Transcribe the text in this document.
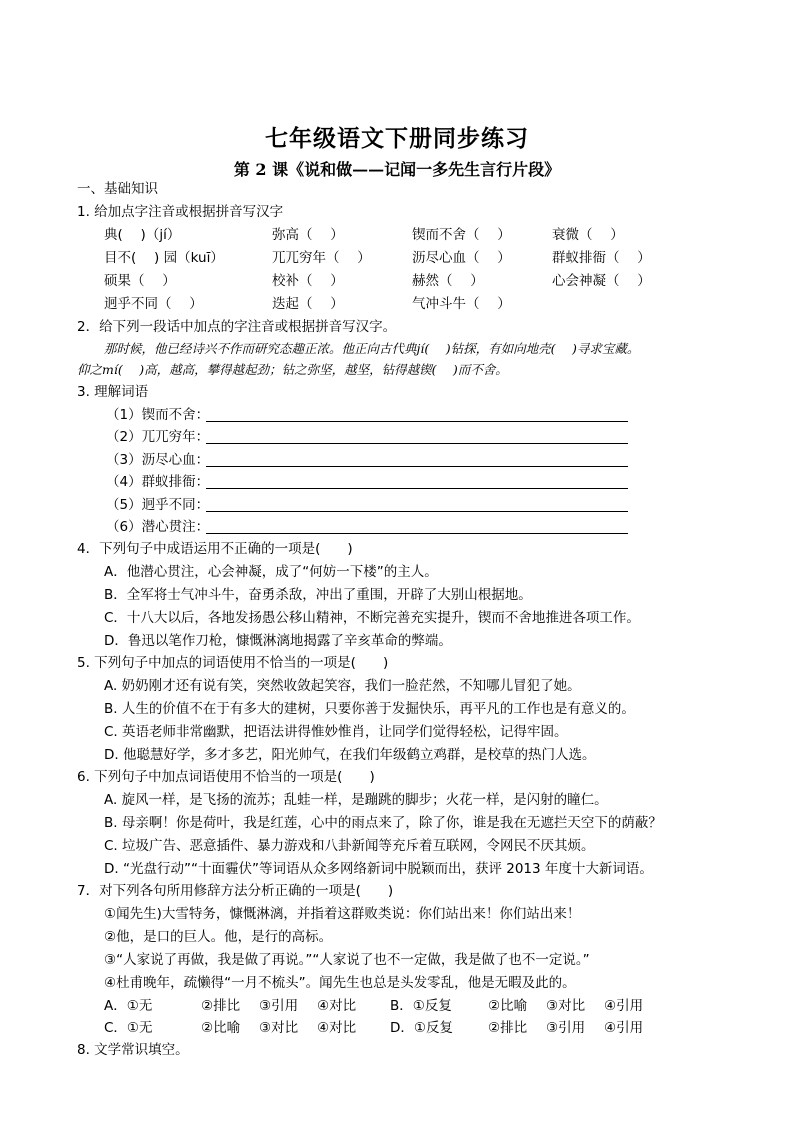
七年级语文下册同步练习
第 2 课《说和做——记闻一多先生言行片段》
一、基础知识
1. 给加点字注音或根据拼音写汉字
典(　 )（jí）	弥高（　 ）	锲而不舍（　 ）	衰微（　 ）
目不(　 ) 园（kuī）	兀兀穷年（　 ）	沥尽心血（　 ）	群蚁排衙（　 ）
硕果（　 ）	校补（　 ）	赫然（　 ）	心会神凝（　 ）
迥乎不同（　 ）	迭起（　 ）	气冲斗牛（　 ）
2．给下列一段话中加点的字注音或根据拼音写汉字。
那时候，他已经诗兴不作而研究态趣正浓。他正向古代典jí(　 )钻探，有如向地壳(　 )寻求宝藏。
仰之mí(　 )高，越高，攀得越起劲；钻之弥坚，越坚，钻得越锲(　 )而不舍。
3. 理解词语
（1）锲而不舍：
（2）兀兀穷年：
（3）沥尽心血：
（4）群蚁排衙：
（5）迥乎不同：
（6）潜心贯注：
4．下列句子中成语运用不正确的一项是(　　)
A．他潜心贯注，心会神凝，成了“何妨一下楼”的主人。
B．全军将士气冲斗牛，奋勇杀敌，冲出了重围，开辟了大别山根据地。
C．十八大以后，各地发扬愚公移山精神，不断完善充实提升，锲而不舍地推进各项工作。
D．鲁迅以笔作刀枪，慷慨淋漓地揭露了辛亥革命的弊端。
5. 下列句子中加点的词语使用不恰当的一项是(　　)
A. 奶奶刚才还有说有笑，突然收敛起笑容，我们一脸茫然，不知哪儿冒犯了她。
B. 人生的价值不在于有多大的建树，只要你善于发掘快乐，再平凡的工作也是有意义的。
C. 英语老师非常幽默，把语法讲得惟妙惟肖，让同学们觉得轻松，记得牢固。
D. 他聪慧好学，多才多艺，阳光帅气，在我们年级鹤立鸡群，是校草的热门人选。
6. 下列句子中加点词语使用不恰当的一项是(　　)
A. 旋风一样，是飞扬的流苏；乱蛙一样，是蹦跳的脚步；火花一样，是闪射的瞳仁。
B. 母亲啊！你是荷叶，我是红莲，心中的雨点来了，除了你，谁是我在无遮拦天空下的荫蔽？
C. 垃圾广告、恶意插件、暴力游戏和八卦新闻等充斥着互联网，令网民不厌其烦。
D. “光盘行动”“十面霾伏”等词语从众多网络新词中脱颖而出，获评 2013 年度十大新词语。
7．对下列各句所用修辞方法分析正确的一项是(　　)
①闻先生)大雪特务，慷慨淋漓，并指着这群败类说：你们站出来！你们站出来！
②他，是口的巨人。他，是行的高标。
③“人家说了再做，我是做了再说。”“人家说了也不一定做，我是做了也不一定说。”
④杜甫晚年，疏懒得“一月不梳头”。闻先生也总是头发零乱，他是无暇及此的。
A．①无	②排比 ③引用 ④对比	B．①反复	②比喻 ③对比 ④引用
C．①无	②比喻 ③对比 ④对比	D．①反复	②排比 ③引用 ④引用
8. 文学常识填空。
